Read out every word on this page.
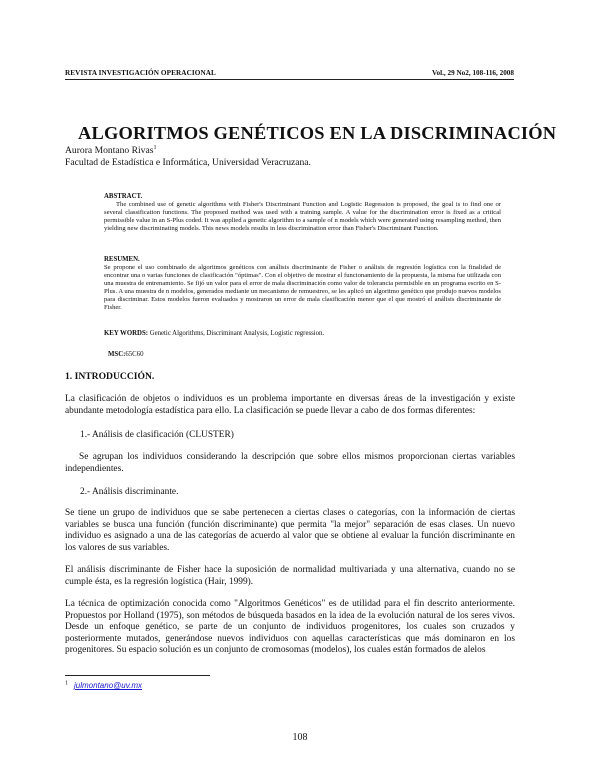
REVISTA INVESTIGACIÓN OPERACIONAL	Vol., 29 No2, 108-116, 2008
ALGORITMOS GENÉTICOS EN LA DISCRIMINACIÓN
Aurora Montano Rivas$^1$
Facultad de Estadística e Informática, Universidad Veracruzana.
ABSTRACT.
The combined use of genetic algorithms with Fisher's Discriminant Function and Logistic Regression is proposed, the goal is to find one or several classification functions. The proposed method was used with a training sample. A value for the discrimination error is fixed as a critical permissible value in an S-Plus coded. It was applied a genetic algorithm to a sample of n models which were generated using resampling method, then yielding new discriminating models. This news models results in less discrimination error than Fisher's Discriminant Function.
RESUMEN.
Se propone el uso combinado de algoritmos genéticos con análisis discriminante de Fisher o análisis de regresión logística con la finalidad de encontrar una o varias funciones de clasificación "óptimas". Con el objetivo de mostrar el funcionamiento de la propuesta, la misma fue utilizada con una muestra de entrenamiento. Se fijó un valor para el error de mala discriminación como valor de tolerancia permisible en un programa escrito en S-Plus. A una muestra de n modelos, generados mediante un mecanismo de remuestreo, se les aplicó un algoritmo genético que produjo nuevos modelos para discriminar. Estos modelos fueron evaluados y mostraron un error de mala clasificación menor que el que mostró el análisis discriminante de Fisher.
KEY WORDS: Genetic Algorithms, Discriminant Analysis, Logistic regression.
MSC:65C60
1. INTRODUCCIÓN.

La clasificación de objetos o individuos es un problema importante en diversas áreas de la investigación y existe abundante metodología estadística para ello. La clasificación se puede llevar a cabo de dos formas diferentes:

1.- Análisis de clasificación (CLUSTER)

Se agrupan los individuos considerando la descripción que sobre ellos mismos proporcionan ciertas variables independientes.

2.- Análisis discriminante.

Se tiene un grupo de individuos que se sabe pertenecen a ciertas clases o categorías, con la información de ciertas variables se busca una función (función discriminante) que permita "la mejor" separación de esas clases. Un nuevo individuo es asignado a una de las categorías de acuerdo al valor que se obtiene al evaluar la función discriminante en los valores de sus variables.

El análisis discriminante de Fisher hace la suposición de normalidad multivariada y una alternativa, cuando no se cumple ésta, es la regresión logística (Hair, 1999).

La técnica de optimización conocida como "Algoritmos Genéticos" es de utilidad para el fin descrito anteriormente. Propuestos por Holland (1975), son métodos de búsqueda basados en la idea de la evolución natural de los seres vivos. Desde un enfoque genético, se parte de un conjunto de individuos progenitores, los cuales son cruzados y posteriormente mutados, generándose nuevos individuos con aquellas características que más dominaron en los progenitores. Su espacio solución es un conjunto de cromosomas (modelos), los cuales están formados de alelos

$^1$ julmontano@uv.mx
108
